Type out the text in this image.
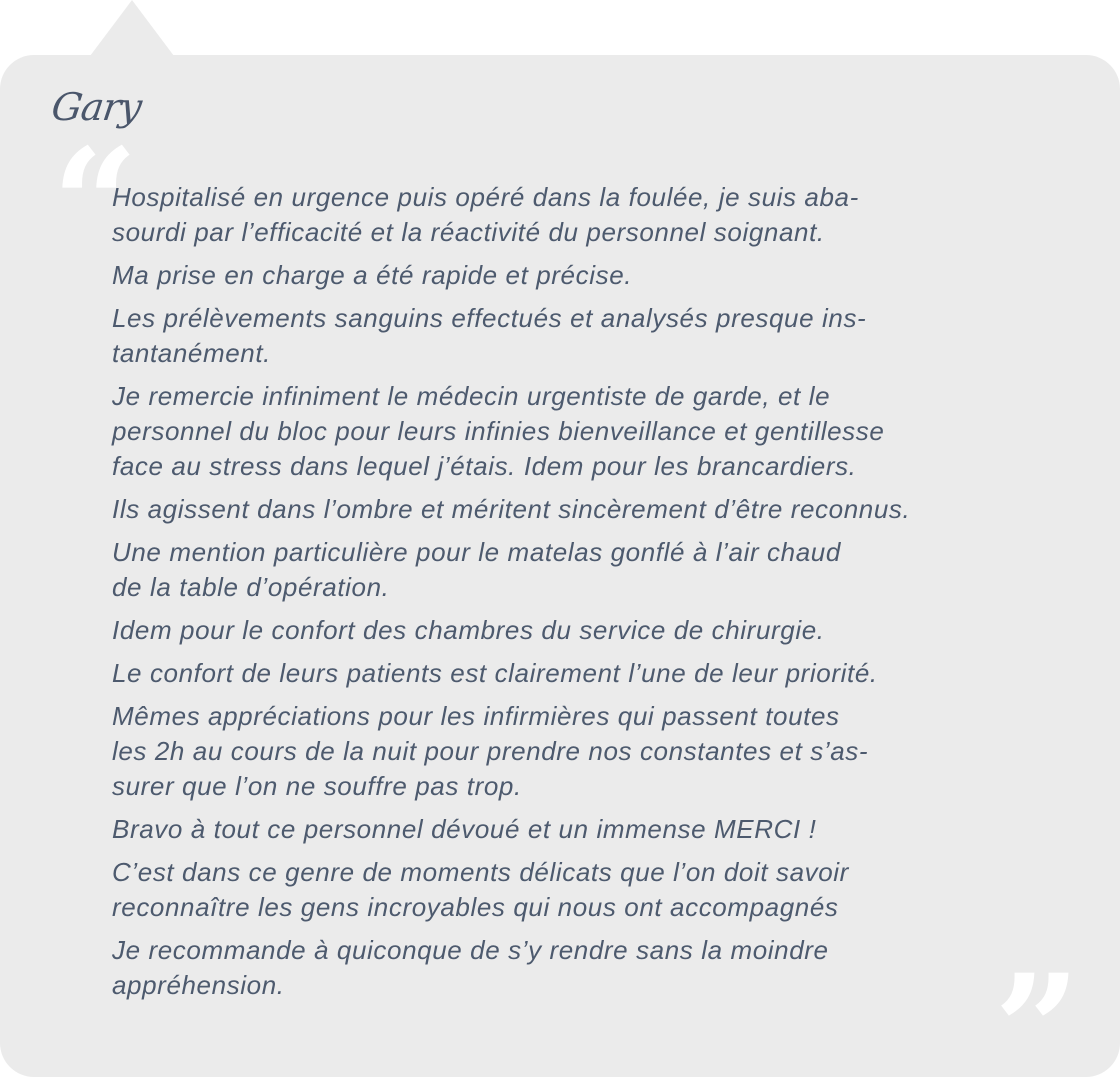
Gary
“

Hospitalisé en urgence puis opéré dans la foulée, je suis aba-
sourdi par l’efficacité et la réactivité du personnel soignant.

Ma prise en charge a été rapide et précise.

Les prélèvements sanguins effectués et analysés presque ins-
tantanément.

Je remercie infiniment le médecin urgentiste de garde, et le
personnel du bloc pour leurs infinies bienveillance et gentillesse
face au stress dans lequel j’étais. Idem pour les brancardiers.

Ils agissent dans l’ombre et méritent sincèrement d’être reconnus.

Une mention particulière pour le matelas gonflé à l’air chaud
de la table d’opération.

Idem pour le confort des chambres du service de chirurgie.

Le confort de leurs patients est clairement l’une de leur priorité.

Mêmes appréciations pour les infirmières qui passent toutes
les 2h au cours de la nuit pour prendre nos constantes et s’as-
surer que l’on ne souffre pas trop.

Bravo à tout ce personnel dévoué et un immense MERCI !

C’est dans ce genre de moments délicats que l’on doit savoir
reconnaître les gens incroyables qui nous ont accompagnés

Je recommande à quiconque de s’y rendre sans la moindre
appréhension.	”
